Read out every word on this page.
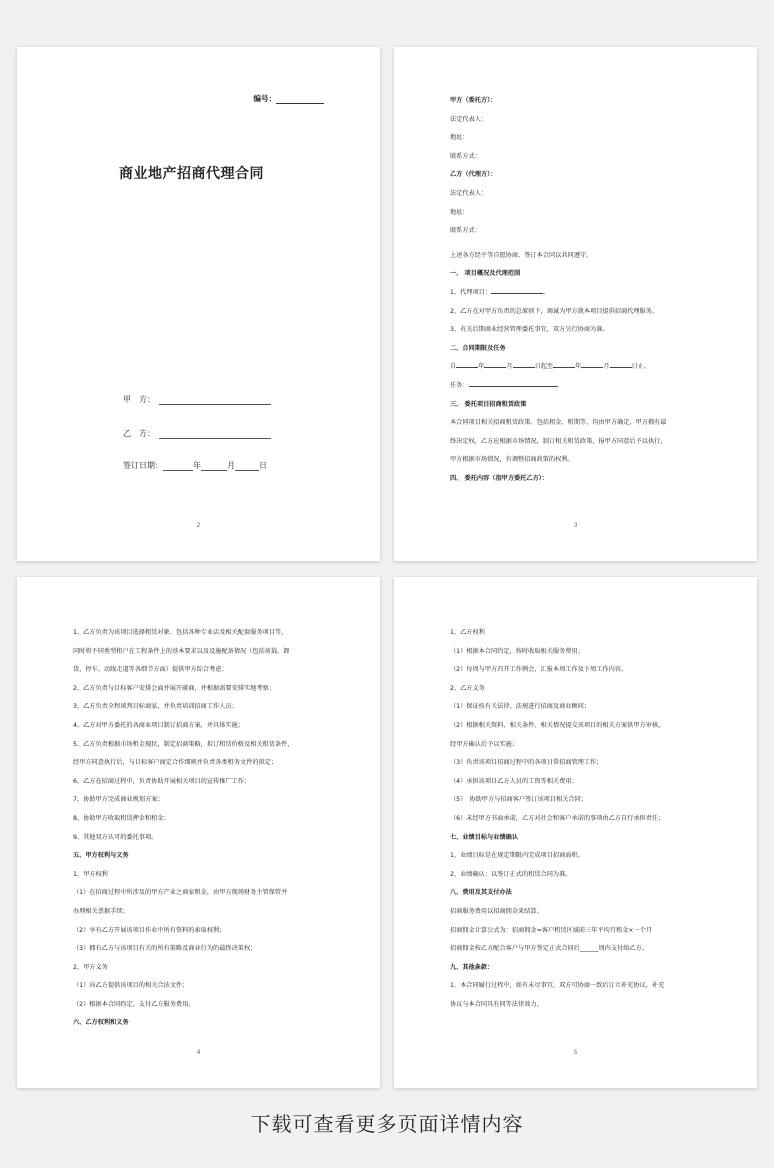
编号：
商业地产招商代理合同
甲　方：
乙　方：
签订日期：	年	月	日
2
甲方（委托方）：
法定代表人：
地址：
联系方式：
乙方（代理方）：
法定代表人：
地址：
联系方式：
上述各方经平等自愿协商、签订本合同以共同遵守。
一、 项目概况及代理范围
1、代理项目：	。
2、乙方在对甲方负责的总原则下，竭诚为甲方就本项目提供招商代理服务。
3、有关后期商业经营管理委托事宜，双方另行协商为准。
二、合同期限及任务
自	年	月	日起至	年	月	日止。
任务：	。
三、 委托项目招商租赁政策
本合同项目相关招商租赁政策、包括租金、租期等，均由甲方确定，甲方拥有最
终决定权，乙方应根据市场情况，制订相关租赁政策，报甲方同意后予以执行，
甲方根据市场情况，有调整招商政策的权利。
四、 委托内容（指甲方委托乙方）：
3
1、乙方负责为该项目选择租赁对象、包括各种专业店及相关配套服务项目等，
同时将不同类型租户在工程条件上的基本要求以及设施配备情况（包括荷载、卸
货、停车、动线走道等各细节方面）提供甲方综合考虑；
2、乙方负责与目标客户安排会面并展开磋商，并根据需要安排实地考察；
3、乙方负责全程谈判目标商家，并负责培训招商工作人员；
4、乙方对甲方委托的各商业项目制订招商方案，并具体实施；
5、乙方负责根据市场租金现状，制定招商策略，拟订租赁价格及相关租赁条件，
经甲方同意执行后，与目标客户商定合作细则并负责各类租务文件的拟定；
6、乙方在招商过程中，负责协助开展相关项目的宣传推广工作；
7、协助甲方完成商业规划方案；
8、协助甲方收取租赁押金和租金；
9、其他双方认可的委托事项。
五、甲方权利与义务
1、甲方权利
（1）在招商过程中所涉及的甲方产业之商家租金，由甲方现场财务主管保管并
办理相关票据手续；
（2）享有乙方开展该项目作业中所有资料的索取权利；
（3）拥有乙方与该项目有关的所有策略及商业行为的最终决策权；
2、甲方义务
（1）向乙方提供该项目的相关合法文件；
（2）根据本合同约定，支付乙方服务费用。
六、乙方权利和义务
4
1、乙方权利
（1）根据本合同约定，按时收取相关服务费用；
（2）每周与甲方召开工作例会，汇报本周工作及下周工作内容。
2、乙方义务
（1）保证按有关法律、法规进行招商及商业顾问；
（2）根据相关资料、相关条件、相关情况提交该项目的相关方案供甲方审核，
经甲方确认后予以实施；
（3）负责该项目招商过程中的各项日常招商管理工作；
（4）承担该项目乙方人员的工资等相关费用；
（5）　协助甲方与招商客户签订该项目相关合同；
（6）未经甲方书面承诺，乙方对社会和客户承诺的事项由乙方自行承担责任；
七、业绩目标与业绩确认
1、业绩目标是在规定期限内完成项目招商面积。
2、业绩确认：以签订正式的租赁合同为准。
八、费用及其支付办法
招商服务费用以招商佣金来结算。
招商佣金计算公式为：招商佣金=客户租赁区域前三年平均月租金×一个月
招商佣金按乙方配合客户与甲方签定正式合同后______周内支付给乙方。
九、其他条款：
1、本合同履行过程中，如有未尽事宜，双方可协商一致后订立补充协议，补充
协议与本合同具有同等法律效力。
5
下载可查看更多页面详情内容
